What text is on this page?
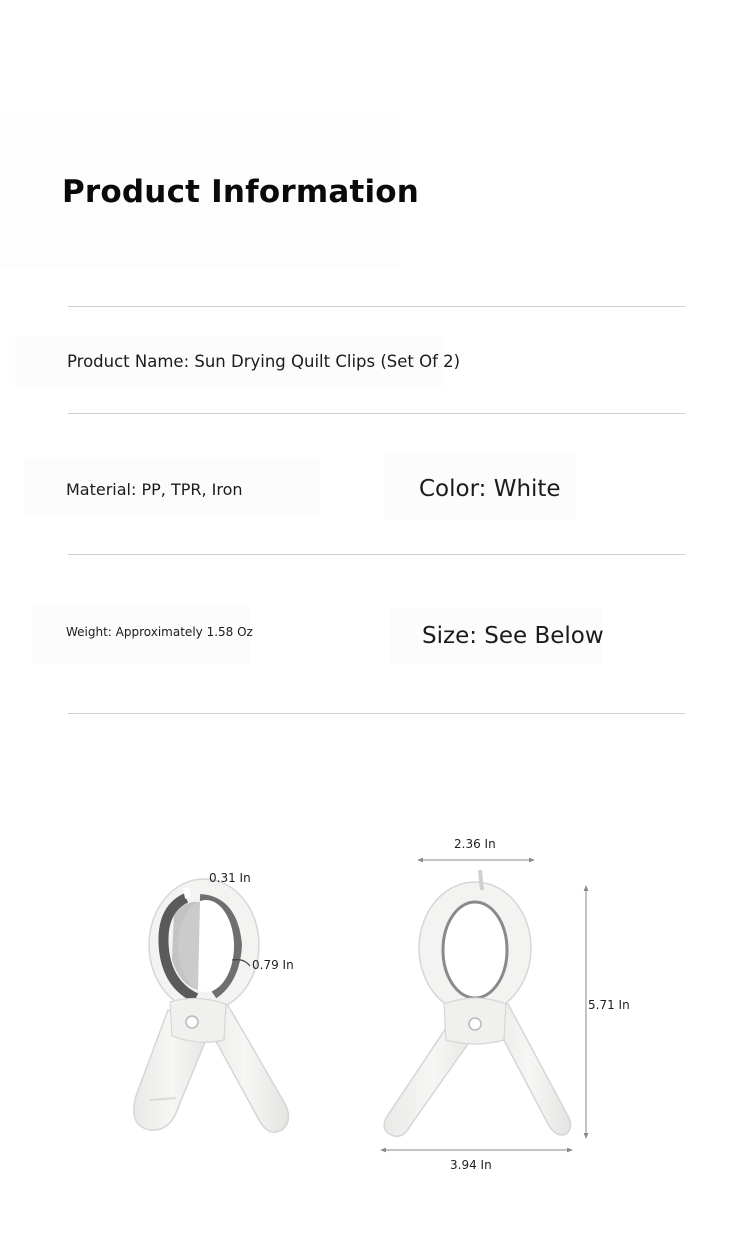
Product Information
Product Name: Sun Drying Quilt Clips (Set Of 2)
Material: PP, TPR, Iron	Color: White
Weight: Approximately 1.58 Oz	Size: See Below
0.31 In
0.79 In
2.36 In
5.71 In
3.94 In
